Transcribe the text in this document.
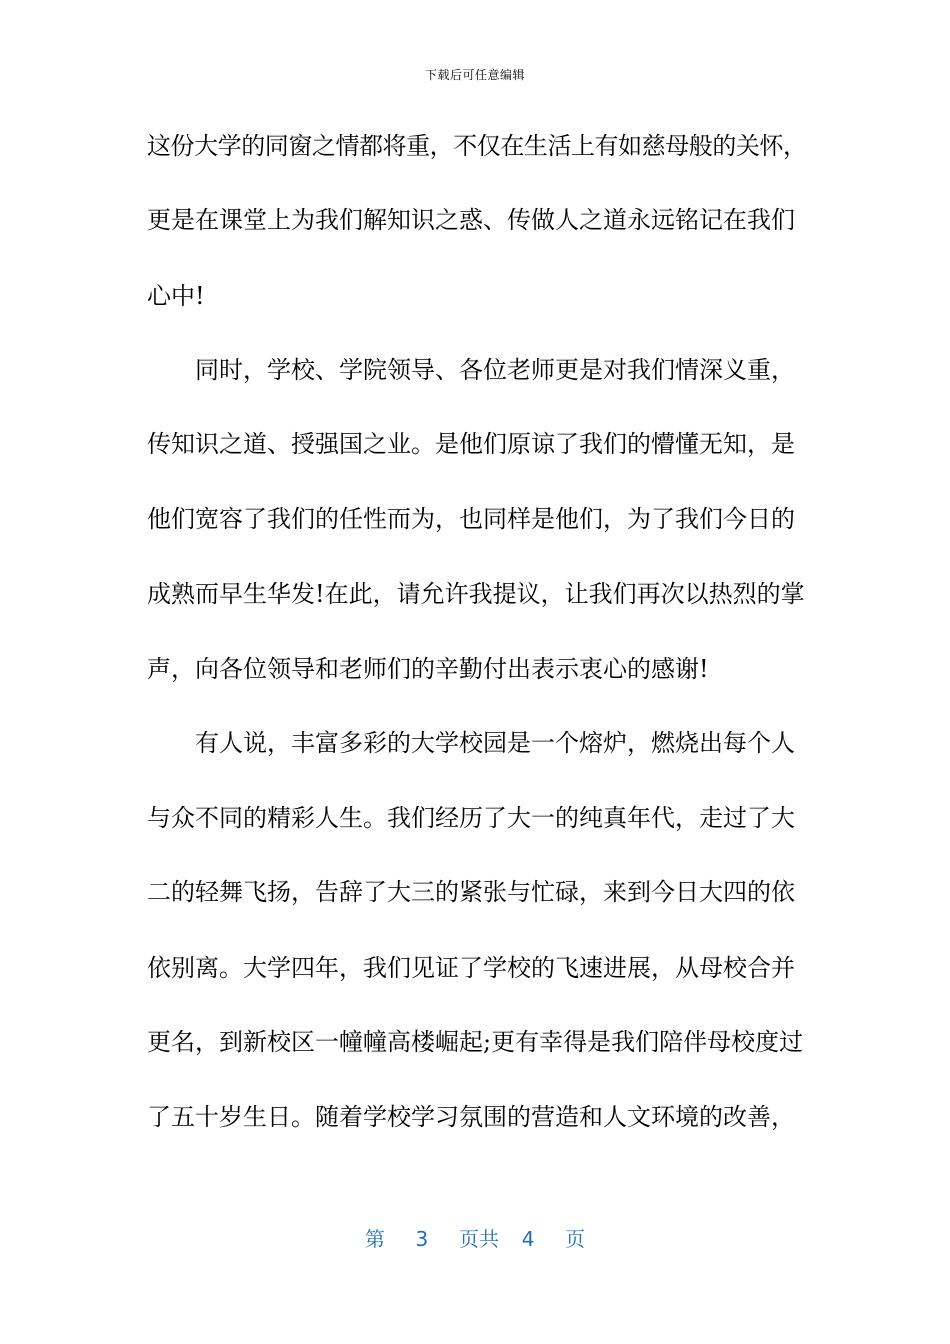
下载后可任意编辑
这份大学的同窗之情都将重，不仅在生活上有如慈母般的关怀，
更是在课堂上为我们解知识之惑、传做人之道永远铭记在我们
心中!
同时，学校、学院领导、各位老师更是对我们情深义重，
传知识之道、授强国之业。是他们原谅了我们的懵懂无知，是
他们宽容了我们的任性而为，也同样是他们，为了我们今日的
成熟而早生华发!在此，请允许我提议，让我们再次以热烈的掌
声，向各位领导和老师们的辛勤付出表示衷心的感谢!
有人说，丰富多彩的大学校园是一个熔炉，燃烧出每个人
与众不同的精彩人生。我们经历了大一的纯真年代，走过了大
二的轻舞飞扬，告辞了大三的紧张与忙碌，来到今日大四的依
依别离。大学四年，我们见证了学校的飞速进展，从母校合并
更名，到新校区一幢幢高楼崛起;更有幸得是我们陪伴母校度过
了五十岁生日。随着学校学习氛围的营造和人文环境的改善，
第 3 页共 4 页
